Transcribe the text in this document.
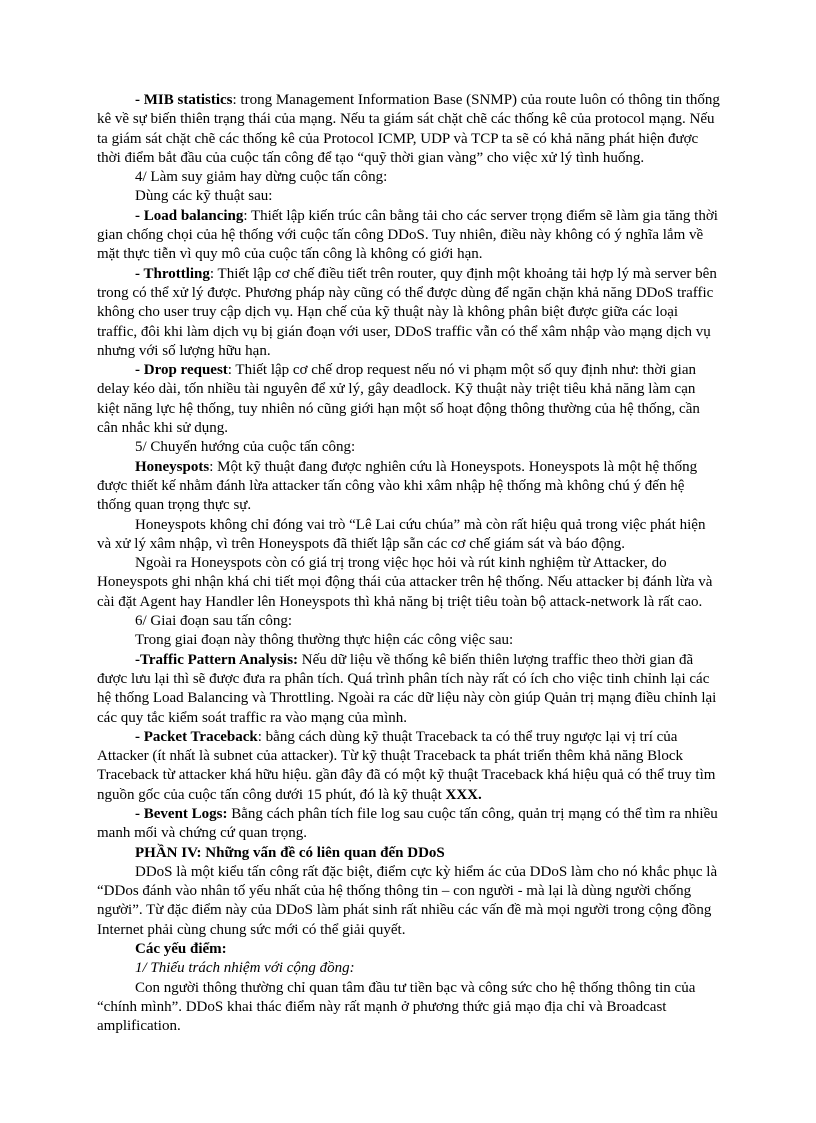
- MIB statistics: trong Management Information Base (SNMP) của route luôn có thông tin thống kê về sự biến thiên trạng thái của mạng. Nếu ta giám sát chặt chẽ các thống kê của protocol mạng. Nếu ta giám sát chặt chẽ các thống kê của Protocol ICMP, UDP và TCP ta sẽ có khả năng phát hiện được thời điểm bắt đầu của cuộc tấn công để tạo “quỹ thời gian vàng” cho việc xử lý tình huống.

4/ Làm suy giảm hay dừng cuộc tấn công:

Dùng các kỹ thuật sau:

- Load balancing: Thiết lập kiến trúc cân bằng tải cho các server trọng điểm sẽ làm gia tăng thời gian chống chọi của hệ thống với cuộc tấn công DDoS. Tuy nhiên, điều này không có ý nghĩa lắm về mặt thực tiễn vì quy mô của cuộc tấn công là không có giới hạn.

- Throttling: Thiết lập cơ chế điều tiết trên router, quy định một khoảng tải hợp lý mà server bên trong có thể xử lý được. Phương pháp này cũng có thể được dùng để ngăn chặn khả năng DDoS traffic không cho user truy cập dịch vụ. Hạn chế của kỹ thuật này là không phân biệt được giữa các loại traffic, đôi khi làm dịch vụ bị gián đoạn với user, DDoS traffic vẫn có thể xâm nhập vào mạng dịch vụ nhưng với số lượng hữu hạn.

- Drop request: Thiết lập cơ chế drop request nếu nó vi phạm một số quy định như: thời gian delay kéo dài, tốn nhiều tài nguyên để xử lý, gây deadlock. Kỹ thuật này triệt tiêu khả năng làm cạn kiệt năng lực hệ thống, tuy nhiên nó cũng giới hạn một số hoạt động thông thường của hệ thống, cần cân nhắc khi sử dụng.

5/ Chuyển hướng của cuộc tấn công:

Honeyspots: Một kỹ thuật đang được nghiên cứu là Honeyspots. Honeyspots là một hệ thống được thiết kế nhằm đánh lừa attacker tấn công vào khi xâm nhập hệ thống mà không chú ý đến hệ thống quan trọng thực sự.

Honeyspots không chỉ đóng vai trò “Lê Lai cứu chúa” mà còn rất hiệu quả trong việc phát hiện và xử lý xâm nhập, vì trên Honeyspots đã thiết lập sẵn các cơ chế giám sát và báo động.

Ngoài ra Honeyspots còn có giá trị trong việc học hỏi và rút kinh nghiệm từ Attacker, do Honeyspots ghi nhận khá chi tiết mọi động thái của attacker trên hệ thống. Nếu attacker bị đánh lừa và cài đặt Agent hay Handler lên Honeyspots thì khả năng bị triệt tiêu toàn bộ attack-network là rất cao.

6/ Giai đoạn sau tấn công:

Trong giai đoạn này thông thường thực hiện các công việc sau:

-Traffic Pattern Analysis: Nếu dữ liệu về thống kê biến thiên lượng traffic theo thời gian đã được lưu lại thì sẽ được đưa ra phân tích. Quá trình phân tích này rất có ích cho việc tinh chỉnh lại các hệ thống Load Balancing và Throttling. Ngoài ra các dữ liệu này còn giúp Quản trị mạng điều chỉnh lại các quy tắc kiểm soát traffic ra vào mạng của mình.

- Packet Traceback: bằng cách dùng kỹ thuật Traceback ta có thể truy ngược lại vị trí của Attacker (ít nhất là subnet của attacker). Từ kỹ thuật Traceback ta phát triển thêm khả năng Block Traceback từ attacker khá hữu hiệu. gần đây đã có một kỹ thuật Traceback khá hiệu quả có thể truy tìm nguồn gốc của cuộc tấn công dưới 15 phút, đó là kỹ thuật XXX.

- Bevent Logs: Bằng cách phân tích file log sau cuộc tấn công, quản trị mạng có thể tìm ra nhiều manh mối và chứng cứ quan trọng.

PHẦN IV: Những vấn đề có liên quan đến DDoS

DDoS là một kiểu tấn công rất đặc biệt, điểm cực kỳ hiểm ác của DDoS làm cho nó khắc phục là “DDos đánh vào nhân tố yếu nhất của hệ thống thông tin – con người - mà lại là dùng người chống người”. Từ đặc điểm này của DDoS làm phát sinh rất nhiều các vấn đề mà mọi người trong cộng đồng Internet phải cùng chung sức mới có thể giải quyết.

Các yếu điểm:

1/ Thiếu trách nhiệm với cộng đồng:

Con người thông thường chỉ quan tâm đầu tư tiền bạc và công sức cho hệ thống thông tin của “chính mình”. DDoS khai thác điểm này rất mạnh ở phương thức giả mạo địa chỉ và Broadcast amplification.
